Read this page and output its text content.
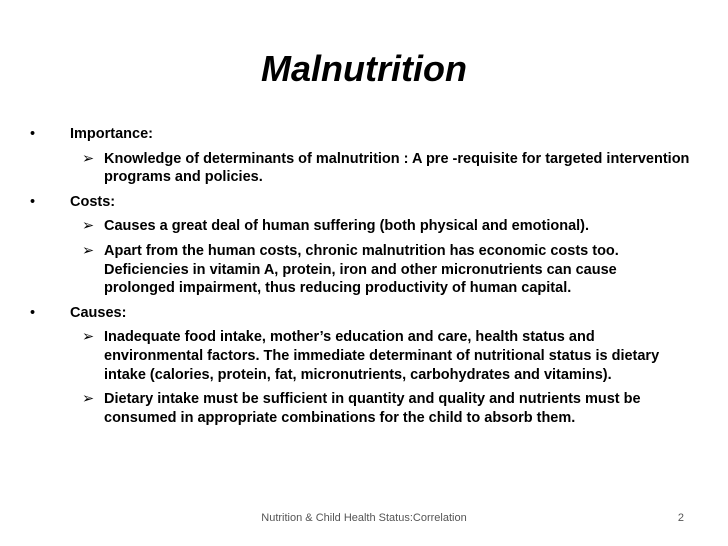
Malnutrition
• Importance:
➢ Knowledge of determinants of malnutrition : A pre -requisite for targeted intervention programs and policies.
• Costs:
➢ Causes a great deal of human suffering (both physical and emotional).
➢ Apart from the human costs, chronic malnutrition has economic costs too. Deficiencies in vitamin A, protein, iron and other micronutrients can cause prolonged impairment, thus reducing productivity of human capital.
• Causes:
➢ Inadequate food intake, mother’s education and care, health status and environmental factors. The immediate determinant of nutritional status is dietary intake (calories, protein, fat, micronutrients, carbohydrates and vitamins).
➢ Dietary intake must be sufficient in quantity and quality and nutrients must be consumed in appropriate combinations for the child to absorb them.
Nutrition & Child Health Status:Correlation	2
